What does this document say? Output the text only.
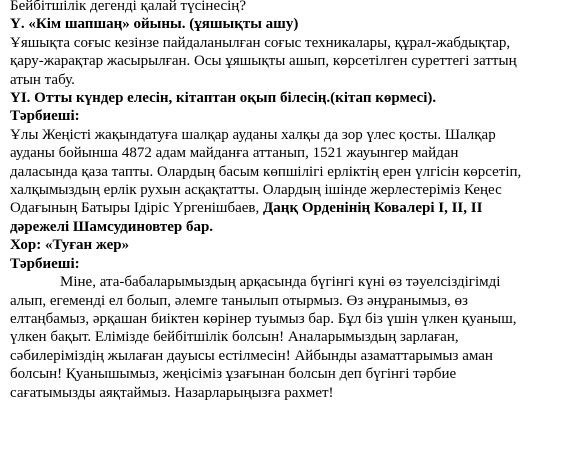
Бейбітшілік дегенді қалай түсінесің?

Ү. «Кім шапшаң» ойыны. (ұяшықты ашу)

Ұяшықта соғыс кезінзе пайдаланылған соғыс техникалары, құрал-жабдықтар,

қару-жарақтар жасырылған. Осы ұяшықты ашып, көрсетілген суреттегі заттың

атын табу.

ҮІ. Отты күндер елесін, кітаптан оқып білесің.(кітап көрмесі).

Тәрбиеші:

Ұлы Жеңісті жақындатуға шалқар ауданы халқы да зор үлес қосты. Шалқар

ауданы бойынша 4872 адам майданға аттанып, 1521 жауынгер майдан

даласында қаза тапты. Олардың басым көпшілігі ерліктің ерен үлгісін көрсетіп,

халқымыздың ерлік рухын асқақтатты. Олардың ішінде жерлестеріміз Кеңес

Одағының Батыры Ідіріс Үргенішбаев, Даңқ Орденінің Ковалері І, ІІ, ІІ

дәрежелі Шамсудиновтер бар.

Хор: «Туған жер»

Тәрбиеші:

Міне, ата-бабаларымыздың арқасында бүгінгі күні өз тәуелсіздігімді

алып, егеменді ел болып, әлемге танылып отырмыз. Өз әнұранымыз, өз

елтаңбамыз, әрқашан биіктен көрінер туымыз бар. Бұл біз үшін үлкен қуаныш,

үлкен бақыт. Елімізде бейбітшілік болсын! Аналарымыздың зарлаған,

сәбилеріміздің жылаған дауысы естілмесін! Айбынды азаматтарымыз аман

болсын! Қуанышымыз, жеңісіміз ұзағынан болсын деп бүгінгі тәрбие

сағатымызды аяқтаймыз. Назарларыңызға рахмет!
